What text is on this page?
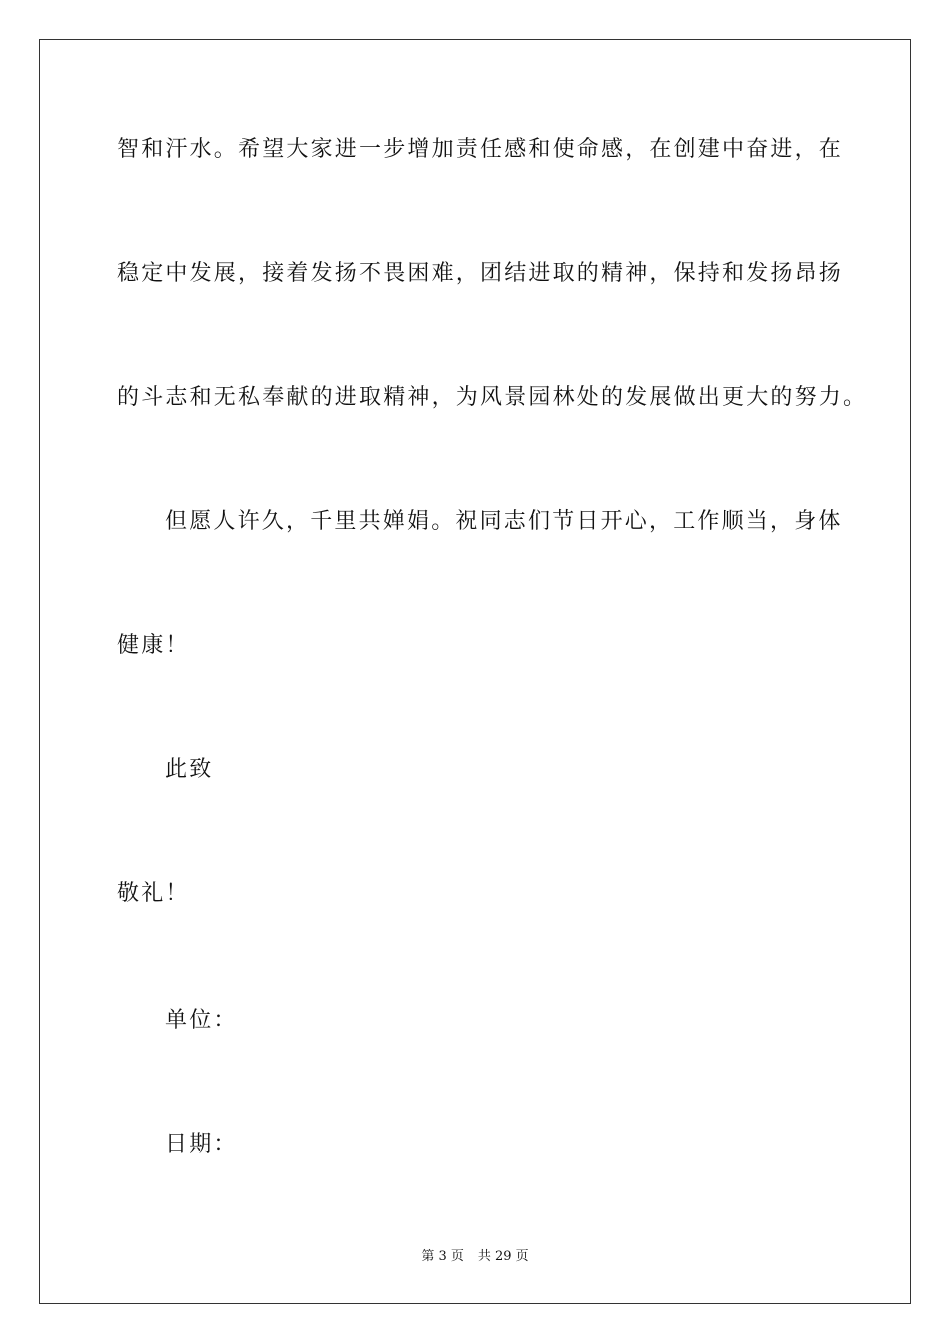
智和汗水。希望大家进一步增加责任感和使命感，在创建中奋进，在
稳定中发展，接着发扬不畏困难，团结进取的精神，保持和发扬昂扬
的斗志和无私奉献的进取精神，为风景园林处的发展做出更大的努力。
但愿人许久，千里共婵娟。祝同志们节日开心，工作顺当，身体
健康！
此致
敬礼！
单位：
日期：
第 3 页 共 29 页
